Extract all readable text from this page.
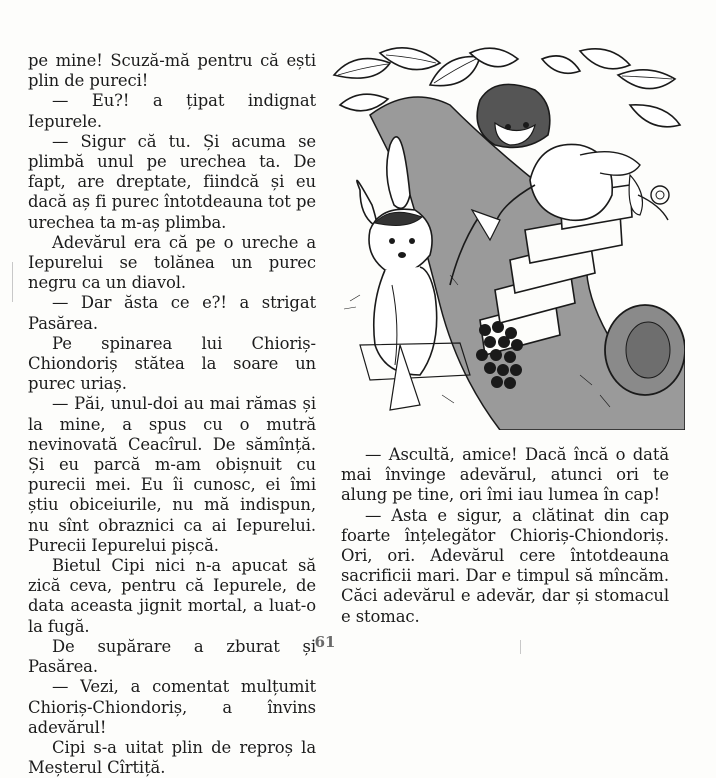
pe mine! Scuză-mă pentru că ești plin de pureci!

— Eu?! a țipat indignat Iepurele.

— Sigur că tu. Și acuma se plimbă unul pe urechea ta. De fapt, are dreptate, fiindcă și eu dacă aș fi purec întotdeauna tot pe urechea ta m-aș plimba.

Adevărul era că pe o ureche a Iepurelui se tolănea un purec negru ca un diavol.

— Dar ăsta ce e?! a strigat Pasărea.

Pe spinarea lui Chioriș-Chiondoriș stătea la soare un purec uriaș.

— Păi, unul-doi au mai rămas și la mine, a spus cu o mutră nevinovată Ceacîrul. De sămînță. Și eu parcă m-am obișnuit cu purecii mei. Eu îi cunosc, ei îmi știu obiceiurile, nu mă indispun, nu sînt obraznici ca ai Iepurelui. Purecii Iepurelui pișcă.

Bietul Cipi nici n-a apucat să zică ceva, pentru că Iepurele, de data aceasta jignit mortal, a luat-o la fugă.

De supărare a zburat și Pasărea.

— Vezi, a comentat mulțumit Chioriș-Chiondoriș, a învins adevărul!

Cipi s-a uitat plin de reproș la Meșterul Cîrtiță.

— Ascultă, amice! Dacă încă o dată mai învinge adevărul, atunci ori te alung pe tine, ori îmi iau lumea în cap!

— Asta e sigur, a clătinat din cap foarte înțelegător Chioriș-Chiondoriș. Ori, ori. Adevărul cere întotdeauna sacrificii mari. Dar e timpul să mîncăm. Căci adevărul e adevăr, dar și stomacul e stomac.

61
